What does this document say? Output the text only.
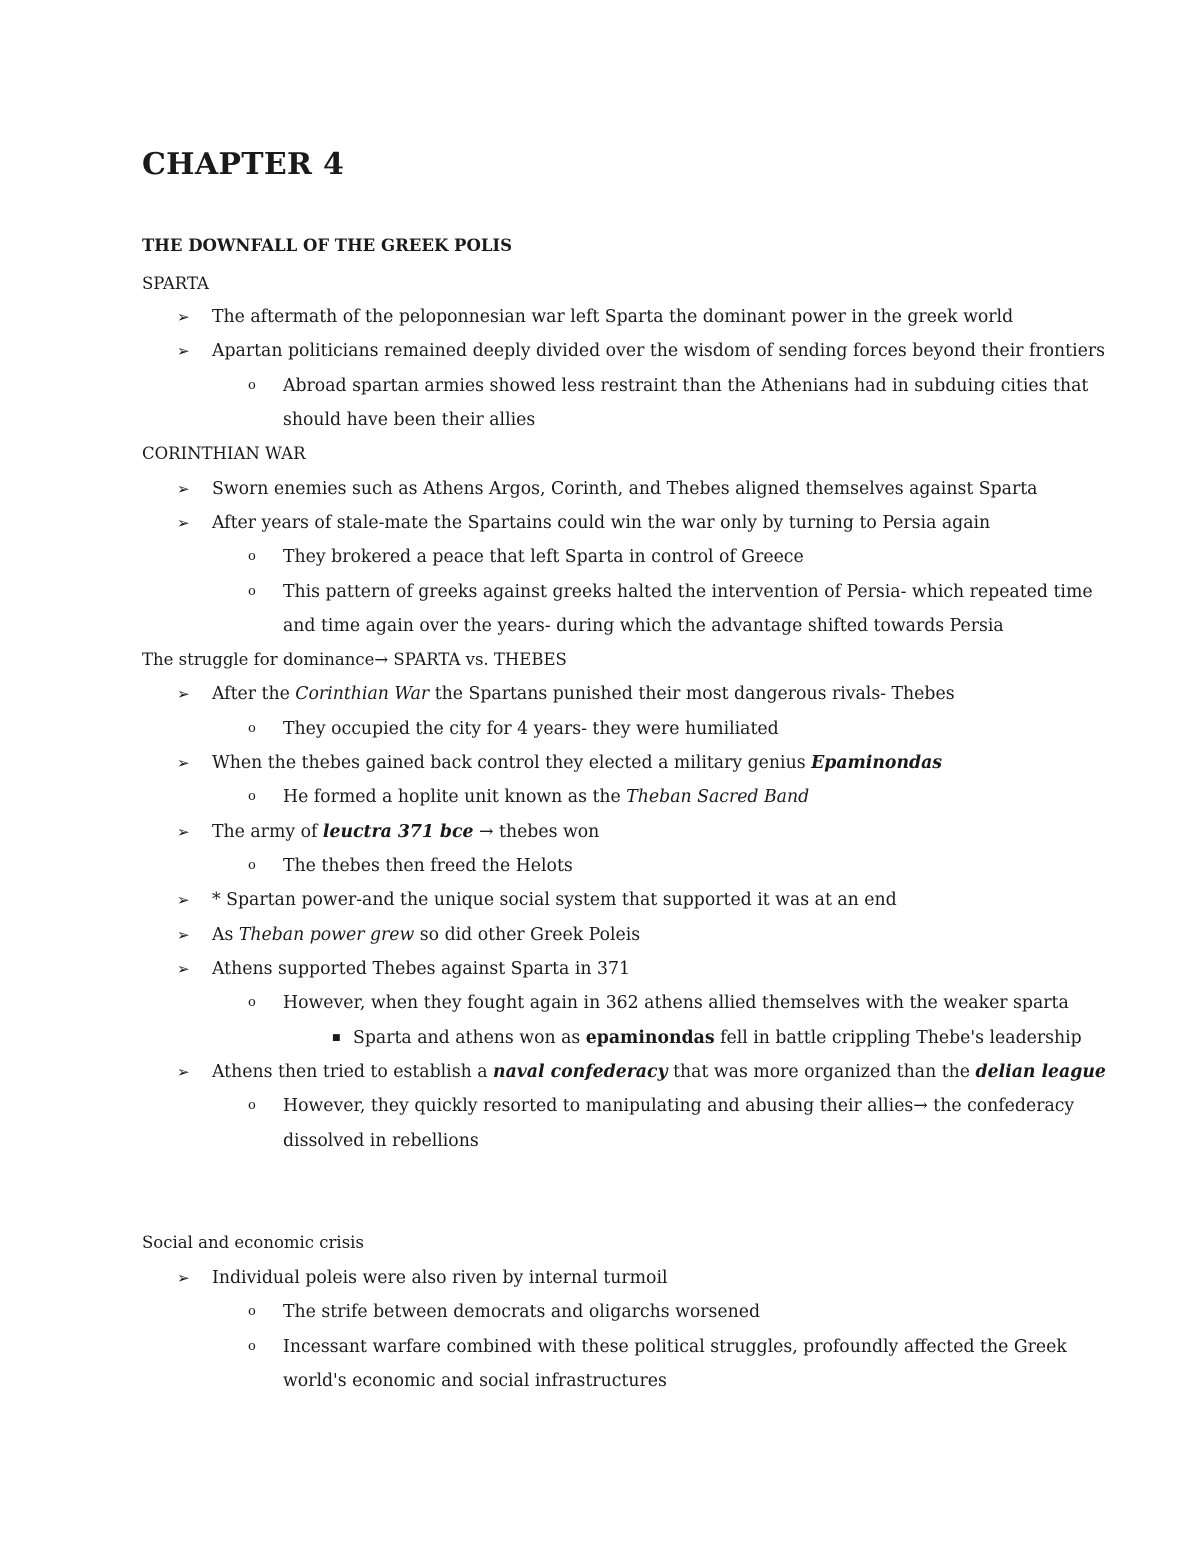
CHAPTER 4
THE DOWNFALL OF THE GREEK POLIS
SPARTA
➢ The aftermath of the peloponnesian war left Sparta the dominant power in the greek world
➢ Apartan politicians remained deeply divided over the wisdom of sending forces beyond their frontiers
o Abroad spartan armies showed less restraint than the Athenians had in subduing cities that
should have been their allies
CORINTHIAN WAR
➢ Sworn enemies such as Athens Argos, Corinth, and Thebes aligned themselves against Sparta
➢ After years of stale-mate the Spartains could win the war only by turning to Persia again
o They brokered a peace that left Sparta in control of Greece
o This pattern of greeks against greeks halted the intervention of Persia- which repeated time
and time again over the years- during which the advantage shifted towards Persia
The struggle for dominance→ SPARTA vs. THEBES
➢ After the Corinthian War the Spartans punished their most dangerous rivals- Thebes
o They occupied the city for 4 years- they were humiliated
➢ When the thebes gained back control they elected a military genius Epaminondas
o He formed a hoplite unit known as the Theban Sacred Band
➢ The army of leuctra 371 bce → thebes won
o The thebes then freed the Helots
➢ * Spartan power-and the unique social system that supported it was at an end
➢ As Theban power grew so did other Greek Poleis
➢ Athens supported Thebes against Sparta in 371
o However, when they fought again in 362 athens allied themselves with the weaker sparta
■ Sparta and athens won as epaminondas fell in battle crippling Thebe's leadership
➢ Athens then tried to establish a naval confederacy that was more organized than the delian league
o However, they quickly resorted to manipulating and abusing their allies→ the confederacy
dissolved in rebellions
Social and economic crisis
➢ Individual poleis were also riven by internal turmoil
o The strife between democrats and oligarchs worsened
o Incessant warfare combined with these political struggles, profoundly affected the Greek
world's economic and social infrastructures
